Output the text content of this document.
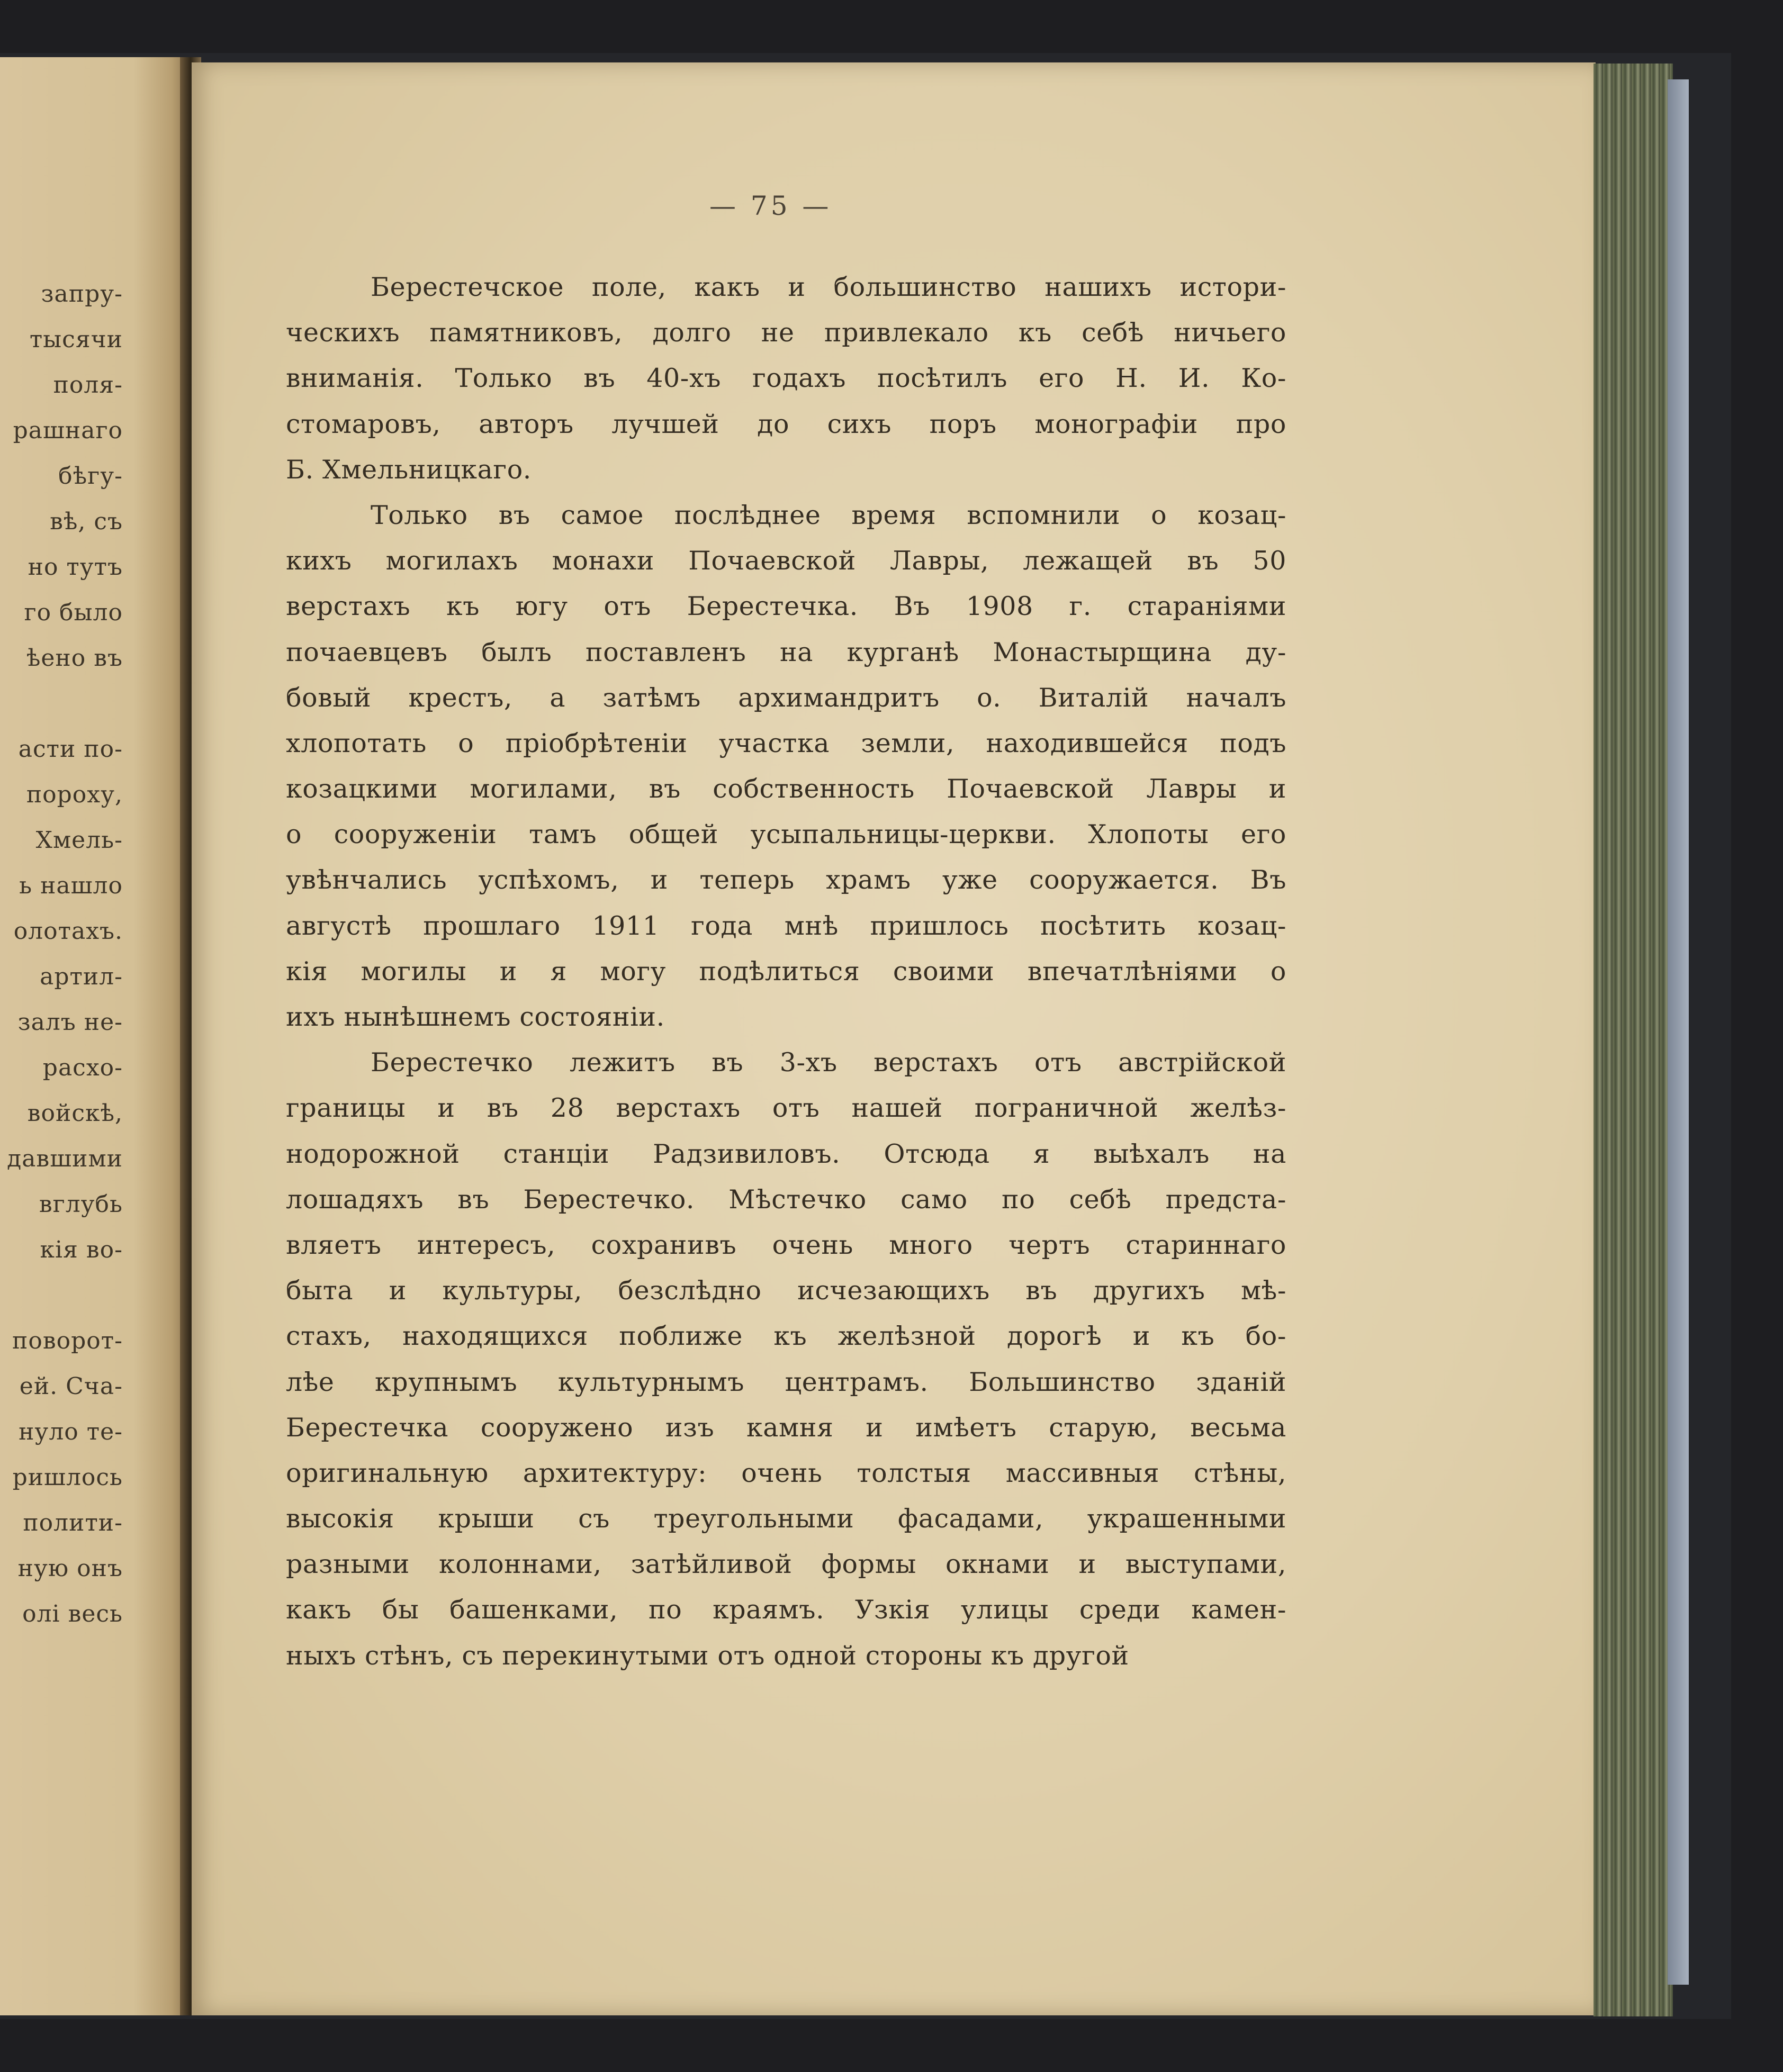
запру-
тысячи
поля-
рашнаго
бѣгу-
вѣ, съ
но тутъ
го было
ѣено въ
асти по-
пороху,
Хмель-
ь нашло
олотахъ.
артил-
залъ не-
расхо-
войскѣ,
давшими
вглубь
кія во-
поворот-
ей. Сча-
нуло те-
ришлось
полити-
ную онъ
олі весь
— 75 —
Берестечское поле, какъ и большинство нашихъ истори-
ческихъ памятниковъ, долго не привлекало къ себѣ ничьего
вниманія. Только въ 40-хъ годахъ посѣтилъ его Н. И. Ко-
стомаровъ, авторъ лучшей до сихъ поръ монографіи про
Б. Хмельницкаго.
Только въ самое послѣднее время вспомнили о козац-
кихъ могилахъ монахи Почаевской Лавры, лежащей въ 50
верстахъ къ югу отъ Берестечка. Въ 1908 г. стараніями
почаевцевъ былъ поставленъ на курганѣ Монастырщина ду-
бовый крестъ, а затѣмъ архимандритъ о. Виталій началъ
хлопотать о пріобрѣтеніи участка земли, находившейся подъ
козацкими могилами, въ собственность Почаевской Лавры и
о сооруженіи тамъ общей усыпальницы-церкви. Хлопоты его
увѣнчались успѣхомъ, и теперь храмъ уже сооружается. Въ
августѣ прошлаго 1911 года мнѣ пришлось посѣтить козац-
кія могилы и я могу подѣлиться своими впечатлѣніями о
ихъ нынѣшнемъ состояніи.
Берестечко лежитъ въ 3-хъ верстахъ отъ австрійской
границы и въ 28 верстахъ отъ нашей пограничной желѣз-
нодорожной станціи Радзивиловъ. Отсюда я выѣхалъ на
лошадяхъ въ Берестечко. Мѣстечко само по себѣ предста-
вляетъ интересъ, сохранивъ очень много чертъ стариннаго
быта и культуры, безслѣдно исчезающихъ въ другихъ мѣ-
стахъ, находящихся поближе къ желѣзной дорогѣ и къ бо-
лѣе крупнымъ культурнымъ центрамъ. Большинство зданій
Берестечка сооружено изъ камня и имѣетъ старую, весьма
оригинальную архитектуру: очень толстыя массивныя стѣны,
высокія крыши съ треугольными фасадами, украшенными
разными колоннами, затѣйливой формы окнами и выступами,
какъ бы башенками, по краямъ. Узкія улицы среди камен-
ныхъ стѣнъ, съ перекинутыми отъ одной стороны къ другой
